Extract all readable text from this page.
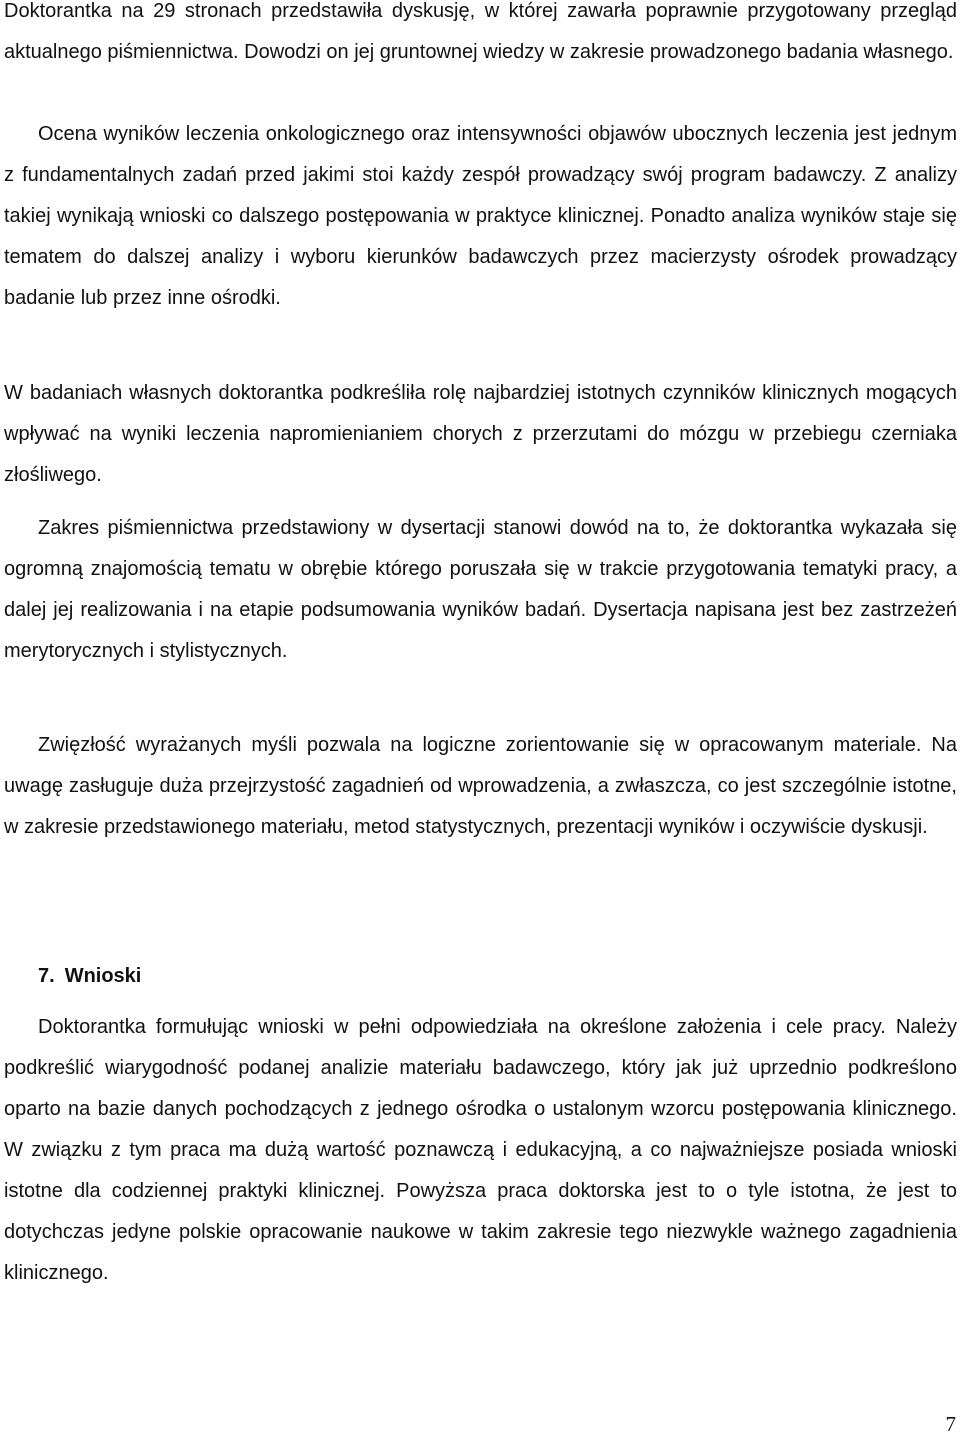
Doktorantka na 29 stronach przedstawiła dyskusję, w której zawarła poprawnie przygotowany przegląd aktualnego piśmiennictwa. Dowodzi on jej gruntownej wiedzy w zakresie prowadzonego badania własnego.

Ocena wyników leczenia onkologicznego oraz intensywności objawów ubocznych leczenia jest jednym z fundamentalnych zadań przed jakimi stoi każdy zespół prowadzący swój program badawczy. Z analizy takiej wynikają wnioski co dalszego postępowania w praktyce klinicznej. Ponadto analiza wyników staje się tematem do dalszej analizy i wyboru kierunków badawczych przez macierzysty ośrodek prowadzący badanie lub przez inne ośrodki.

W badaniach własnych doktorantka podkreśliła rolę najbardziej istotnych czynników klinicznych mogących wpływać na wyniki leczenia napromienianiem chorych z przerzutami do mózgu w przebiegu czerniaka złośliwego.

Zakres piśmiennictwa przedstawiony w dysertacji stanowi dowód na to, że doktorantka wykazała się ogromną znajomością tematu w obrębie którego poruszała się w trakcie przygotowania tematyki pracy, a dalej jej realizowania i na etapie podsumowania wyników badań. Dysertacja napisana jest bez zastrzeżeń merytorycznych i stylistycznych.

Zwięzłość wyrażanych myśli pozwala na logiczne zorientowanie się w opracowanym materiale. Na uwagę zasługuje duża przejrzystość zagadnień od wprowadzenia, a zwłaszcza, co jest szczególnie istotne, w zakresie przedstawionego materiału, metod statystycznych, prezentacji wyników i oczywiście dyskusji.

7. Wnioski

Doktorantka formułując wnioski w pełni odpowiedziała na określone założenia i cele pracy. Należy podkreślić wiarygodność podanej analizie materiału badawczego, który jak już uprzednio podkreślono oparto na bazie danych pochodzących z jednego ośrodka o ustalonym wzorcu postępowania klinicznego. W związku z tym praca ma dużą wartość poznawczą i edukacyjną, a co najważniejsze posiada wnioski istotne dla codziennej praktyki klinicznej. Powyższa praca doktorska jest to o tyle istotna, że jest to dotychczas jedyne polskie opracowanie naukowe w takim zakresie tego niezwykle ważnego zagadnienia klinicznego.

7
